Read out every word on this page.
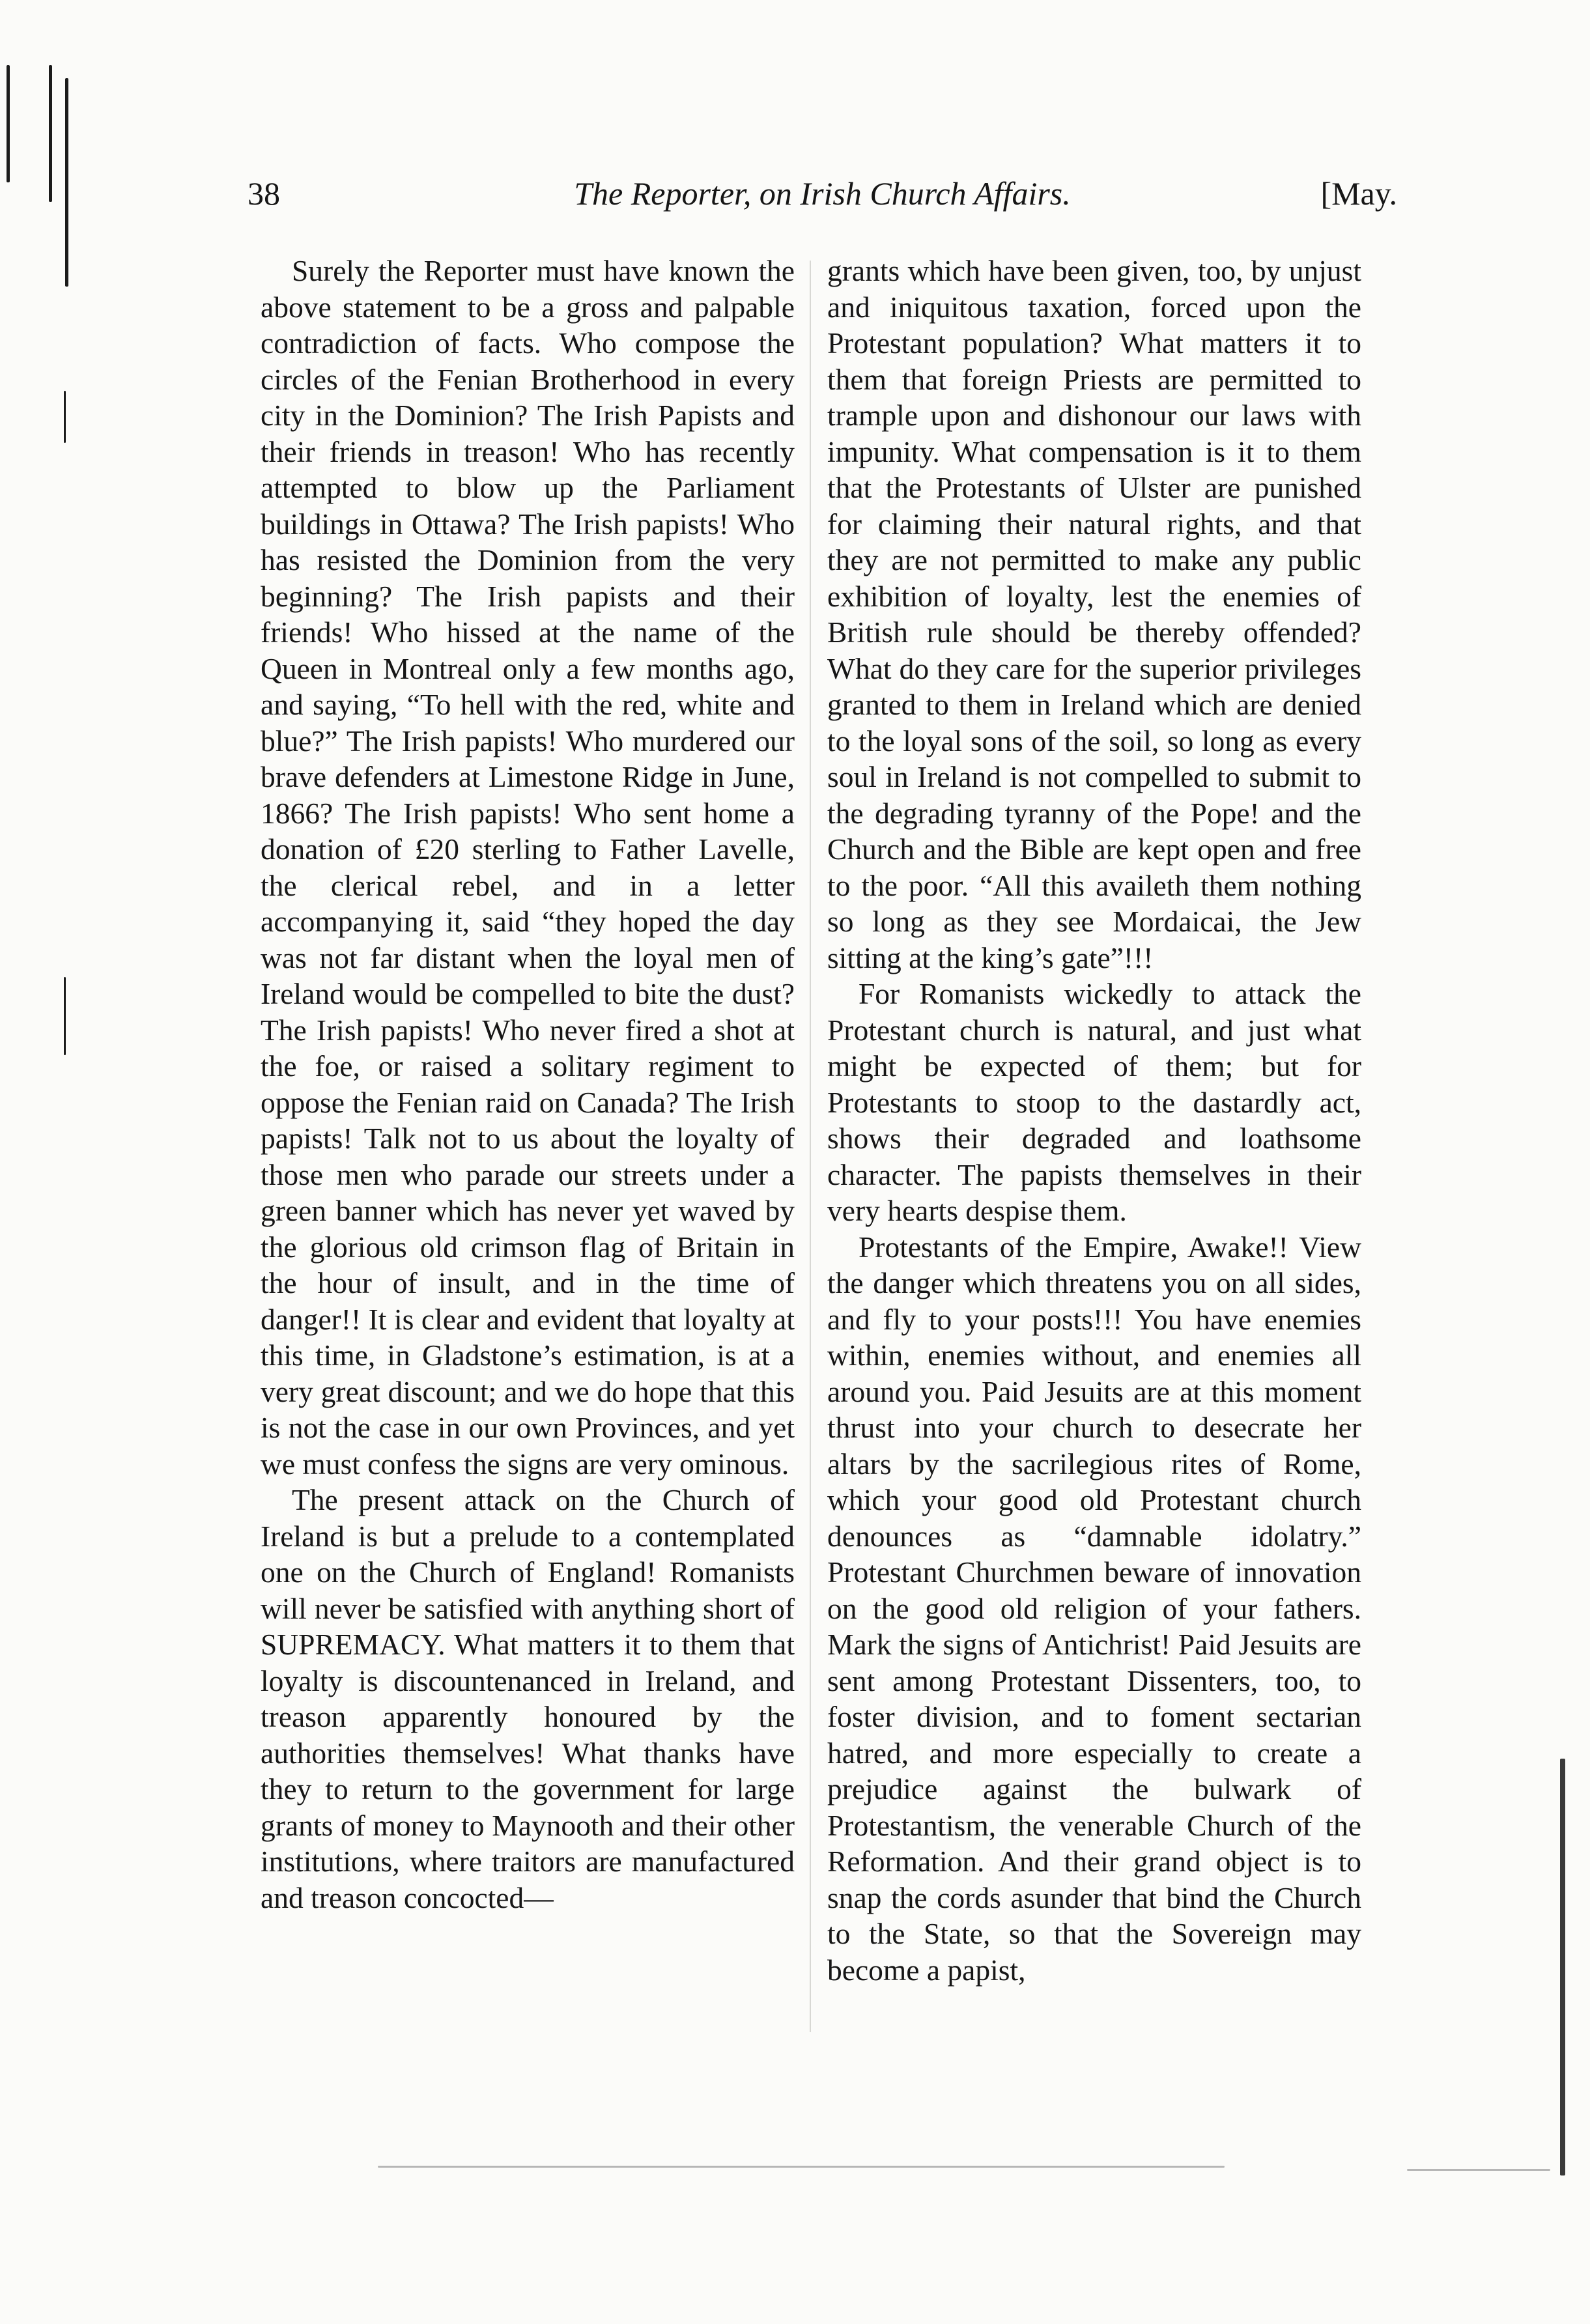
38	The Reporter, on Irish Church Affairs.	[May.

Surely the Reporter must have known the above statement to be a gross and palpable contradiction of facts. Who compose the circles of the Fenian Brotherhood in every city in the Dominion? The Irish Papists and their friends in treason! Who has recently attempted to blow up the Parliament buildings in Ottawa? The Irish papists! Who has resisted the Dominion from the very beginning? The Irish papists and their friends! Who hissed at the name of the Queen in Montreal only a few months ago, and saying, “To hell with the red, white and blue?” The Irish papists! Who murdered our brave defenders at Limestone Ridge in June, 1866? The Irish papists! Who sent home a donation of £20 sterling to Father Lavelle, the clerical rebel, and in a letter accompanying it, said “they hoped the day was not far distant when the loyal men of Ireland would be compelled to bite the dust? The Irish papists! Who never fired a shot at the foe, or raised a solitary regiment to oppose the Fenian raid on Canada? The Irish papists! Talk not to us about the loyalty of those men who parade our streets under a green banner which has never yet waved by the glorious old crimson flag of Britain in the hour of insult, and in the time of danger!! It is clear and evident that loyalty at this time, in Gladstone’s estimation, is at a very great discount; and we do hope that this is not the case in our own Provinces, and yet we must confess the signs are very ominous.

The present attack on the Church of Ireland is but a prelude to a contemplated one on the Church of England! Romanists will never be satisfied with anything short of SUPREMACY. What matters it to them that loyalty is discountenanced in Ireland, and treason apparently honoured by the authorities themselves! What thanks have they to return to the government for large grants of money to Maynooth and their other institutions, where traitors are manufactured and treason concocted—

grants which have been given, too, by unjust and iniquitous taxation, forced upon the Protestant population? What matters it to them that foreign Priests are permitted to trample upon and dishonour our laws with impunity. What compensation is it to them that the Protestants of Ulster are punished for claiming their natural rights, and that they are not permitted to make any public exhibition of loyalty, lest the enemies of British rule should be thereby offended? What do they care for the superior privileges granted to them in Ireland which are denied to the loyal sons of the soil, so long as every soul in Ireland is not compelled to submit to the degrading tyranny of the Pope! and the Church and the Bible are kept open and free to the poor. “All this availeth them nothing so long as they see Mordaicai, the Jew sitting at the king’s gate”!!!

For Romanists wickedly to attack the Protestant church is natural, and just what might be expected of them; but for Protestants to stoop to the dastardly act, shows their degraded and loathsome character. The papists themselves in their very hearts despise them.

Protestants of the Empire, Awake!! View the danger which threatens you on all sides, and fly to your posts!!! You have enemies within, enemies without, and enemies all around you. Paid Jesuits are at this moment thrust into your church to desecrate her altars by the sacrilegious rites of Rome, which your good old Protestant church denounces as “damnable idolatry.” Protestant Churchmen beware of innovation on the good old religion of your fathers. Mark the signs of Antichrist! Paid Jesuits are sent among Protestant Dissenters, too, to foster division, and to foment sectarian hatred, and more especially to create a prejudice against the bulwark of Protestantism, the venerable Church of the Reformation. And their grand object is to snap the cords asunder that bind the Church to the State, so that the Sovereign may become a papist,
